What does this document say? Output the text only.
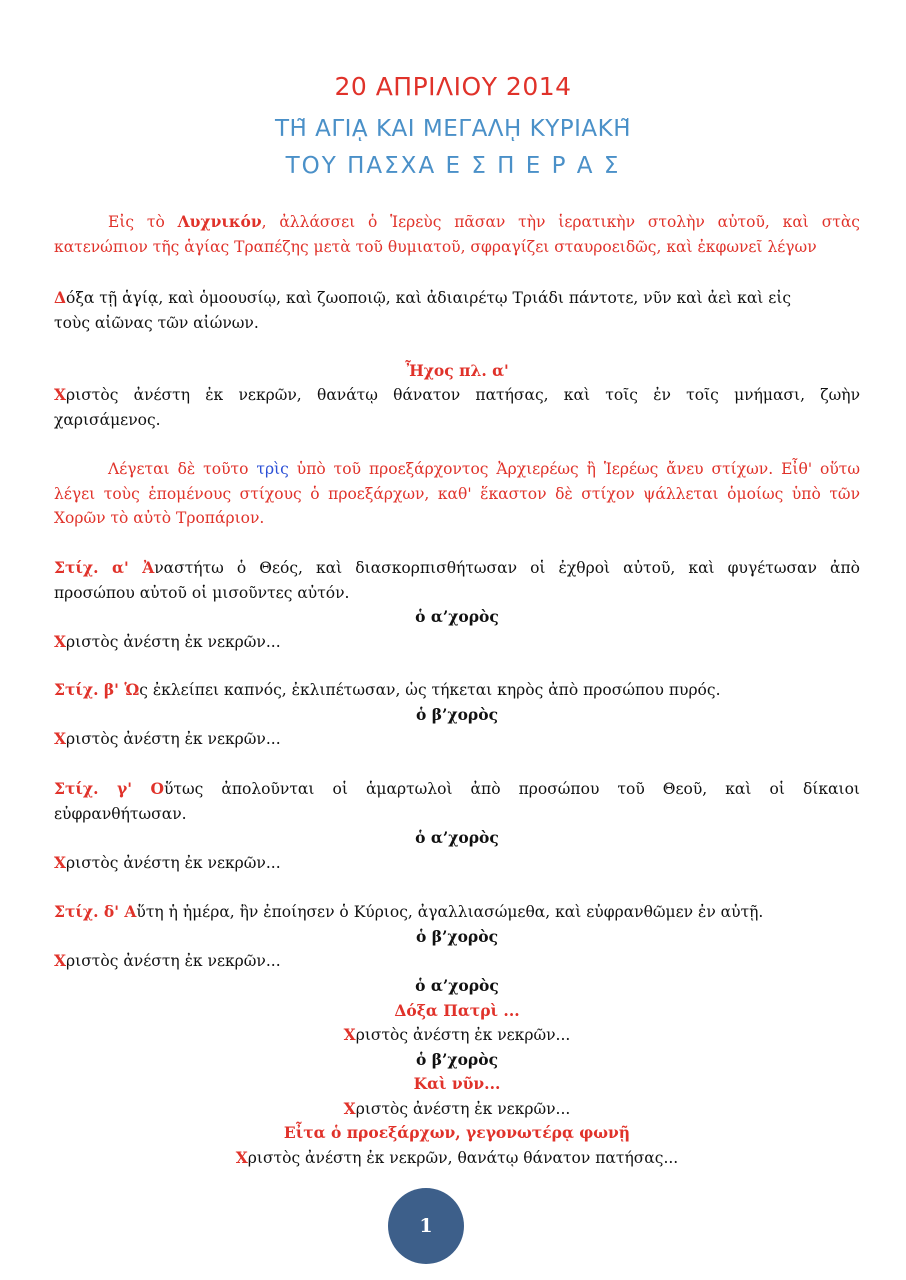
20 ΑΠΡΙΛΙΟΥ 2014
ΤΗ͂ ΑΓΙᾼ ΚΑΙ ΜΕΓΑΛῌ ΚΥΡΙΑΚΗ͂
ΤΟΥ ΠΑΣΧΑ Ε Σ Π Ε Ρ Α Σ
Εἰς τὸ Λυχνικόν, ἀλλάσσει ὁ Ἱερεὺς πᾶσαν τὴν ἱερατικὴν στολὴν αὐτοῦ, καὶ στὰς
κατενώπιον τῆς ἁγίας Τραπέζης μετὰ τοῦ θυμιατοῦ, σφραγίζει σταυροειδῶς, καὶ ἐκφωνεῖ λέγων
Δόξα τῇ ἁγίᾳ, καὶ ὁμοουσίῳ, καὶ ζωοποιῷ, καὶ ἀδιαιρέτῳ Τριάδι πάντοτε, νῦν καὶ ἀεὶ καὶ εἰς
τοὺς αἰῶνας τῶν αἰώνων.
Ἦχος πλ. α'
Χριστὸς ἀνέστη ἐκ νεκρῶν, θανάτῳ θάνατον πατήσας, καὶ τοῖς ἐν τοῖς μνήμασι, ζωὴν
χαρισάμενος.
Λέγεται δὲ τοῦτο τρὶς ὑπὸ τοῦ προεξάρχοντος Ἀρχιερέως ἢ Ἱερέως ἄνευ στίχων. Εἶθ' οὕτω
λέγει τοὺς ἑπομένους στίχους ὁ προεξάρχων, καθ' ἕκαστον δὲ στίχον ψάλλεται ὁμοίως ὑπὸ τῶν
Χορῶν τὸ αὐτὸ Τροπάριον.
Στίχ. α' Ἀναστήτω ὁ Θεός, καὶ διασκορπισθήτωσαν οἱ ἐχθροὶ αὐτοῦ, καὶ φυγέτωσαν ἀπὸ
προσώπου αὐτοῦ οἱ μισοῦντες αὐτόν.
ὁ α’χορὸς
Χριστὸς ἀνέστη ἐκ νεκρῶν...
Στίχ. β' Ὡς ἐκλείπει καπνός, ἐκλιπέτωσαν, ὡς τήκεται κηρὸς ἀπὸ προσώπου πυρός.
ὁ β’χορὸς
Χριστὸς ἀνέστη ἐκ νεκρῶν...
Στίχ. γ' Οὕτως ἀπολοῦνται οἱ ἁμαρτωλοὶ ἀπὸ προσώπου τοῦ Θεοῦ, καὶ οἱ δίκαιοι
εὐφρανθήτωσαν.
ὁ α’χορὸς
Χριστὸς ἀνέστη ἐκ νεκρῶν...
Στίχ. δ' Αὕτη ἡ ἡμέρα, ἣν ἐποίησεν ὁ Κύριος, ἀγαλλιασώμεθα, καὶ εὐφρανθῶμεν ἐν αὐτῇ.
ὁ β’χορὸς
Χριστὸς ἀνέστη ἐκ νεκρῶν...
ὁ α’χορὸς
Δόξα Πατρὶ ...
Χριστὸς ἀνέστη ἐκ νεκρῶν...
ὁ β’χορὸς
Καὶ νῦν...
Χριστὸς ἀνέστη ἐκ νεκρῶν...
Εἶτα ὁ προεξάρχων, γεγονωτέρᾳ φωνῇ
Χριστὸς ἀνέστη ἐκ νεκρῶν, θανάτῳ θάνατον πατήσας...
1
